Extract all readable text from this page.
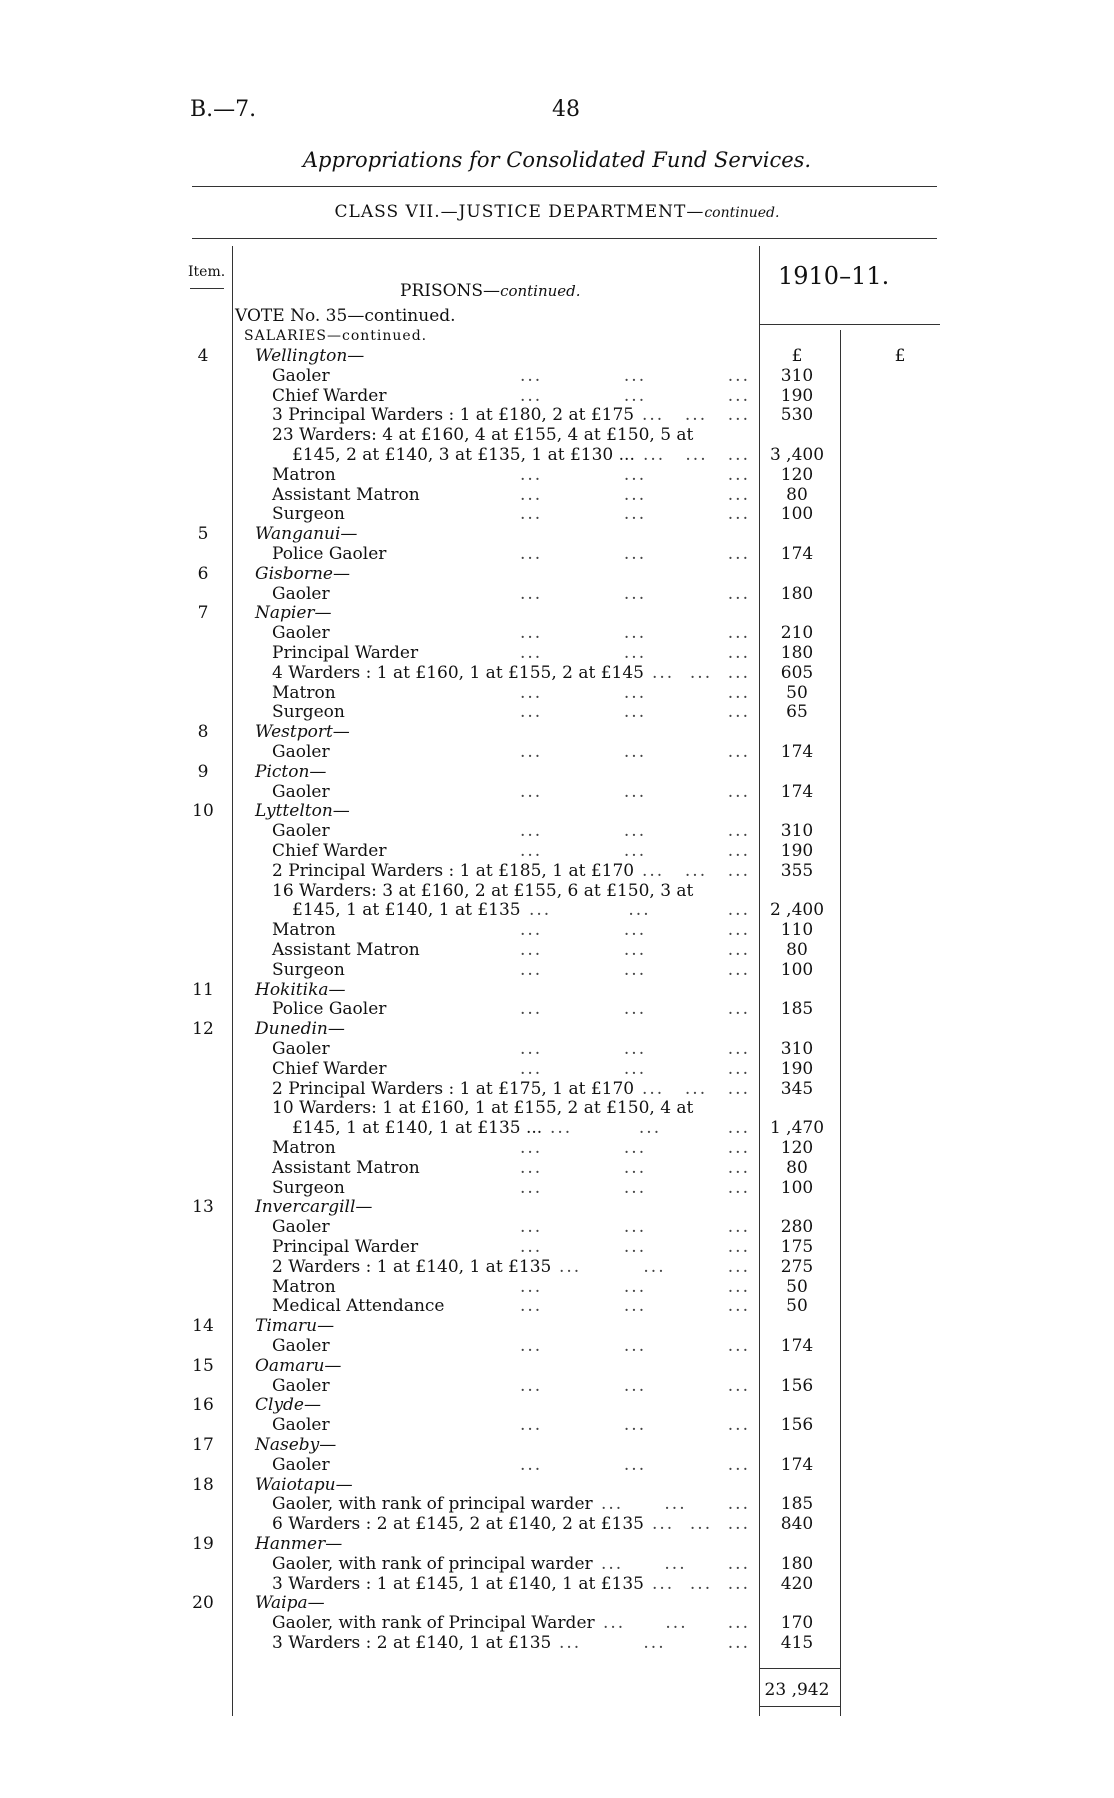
B.—7.	48
Appropriations for Consolidated Fund Services.
CLASS VII.—JUSTICE DEPARTMENT—continued.
Item.
PRISONS—continued.
1910–11.
VOTE No. 35—continued.
SALARIES—continued.
£	£
4	Wellington—
Gaoler	...	...	...	310
Chief Warder	...	...	...	190
3 Principal Warders : 1 at £180, 2 at £175 ... ... ...	530
23 Warders: 4 at £160, 4 at £155, 4 at £150, 5 at
£145, 2 at £140, 3 at £135, 1 at £130 ... ... ... ...	3 ,400
Matron	...	...	...	120
Assistant Matron	...	...	...	80
Surgeon	...	...	...	100
5	Wanganui—
Police Gaoler	...	...	...	174
6	Gisborne—
Gaoler	...	...	...	180
7	Napier—
Gaoler	...	...	...	210
Principal Warder	...	...	...	180
4 Warders : 1 at £160, 1 at £155, 2 at £145 ... ... ...	605
Matron	...	...	...	50
Surgeon	...	...	...	65
8	Westport—
Gaoler	...	...	...	174
9	Picton—
Gaoler	...	...	...	174
10 Lyttelton—
Gaoler	...	...	...	310
Chief Warder	...	...	...	190
2 Principal Warders : 1 at £185, 1 at £170 ... ... ...	355
16 Warders: 3 at £160, 2 at £155, 6 at £150, 3 at
£145, 1 at £140, 1 at £135 ...	...	...	2 ,400
Matron	...	...	...	110
Assistant Matron	...	...	...	80
Surgeon	...	...	...	100
11 Hokitika—
Police Gaoler	...	...	...	185
12 Dunedin—
Gaoler	...	...	...	310
Chief Warder	...	...	...	190
2 Principal Warders : 1 at £175, 1 at £170 ... ... ...	345
10 Warders: 1 at £160, 1 at £155, 2 at £150, 4 at
£145, 1 at £140, 1 at £135 ... ...	...	...	1 ,470
Matron	...	...	...	120
Assistant Matron	...	...	...	80
Surgeon	...	...	...	100
13 Invercargill—
Gaoler	...	...	...	280
Principal Warder	...	...	...	175
2 Warders : 1 at £140, 1 at £135 ...	...	...	275
Matron	...	...	...	50
Medical Attendance	...	...	...	50
14 Timaru—
Gaoler	...	...	...	174
15 Oamaru—
Gaoler	...	...	...	156
16 Clyde—
Gaoler	...	...	...	156
17 Naseby—
Gaoler	...	...	...	174
18 Waiotapu—
Gaoler, with rank of principal warder ... ... ...	185
6 Warders : 2 at £145, 2 at £140, 2 at £135 ... ... ...	840
19 Hanmer—
Gaoler, with rank of principal warder ... ... ...	180
3 Warders : 1 at £145, 1 at £140, 1 at £135 ... ... ...	420
20 Waipa—
Gaoler, with rank of Principal Warder ... ... ...	170
3 Warders : 2 at £140, 1 at £135 ...	...	...	415
23 ,942
